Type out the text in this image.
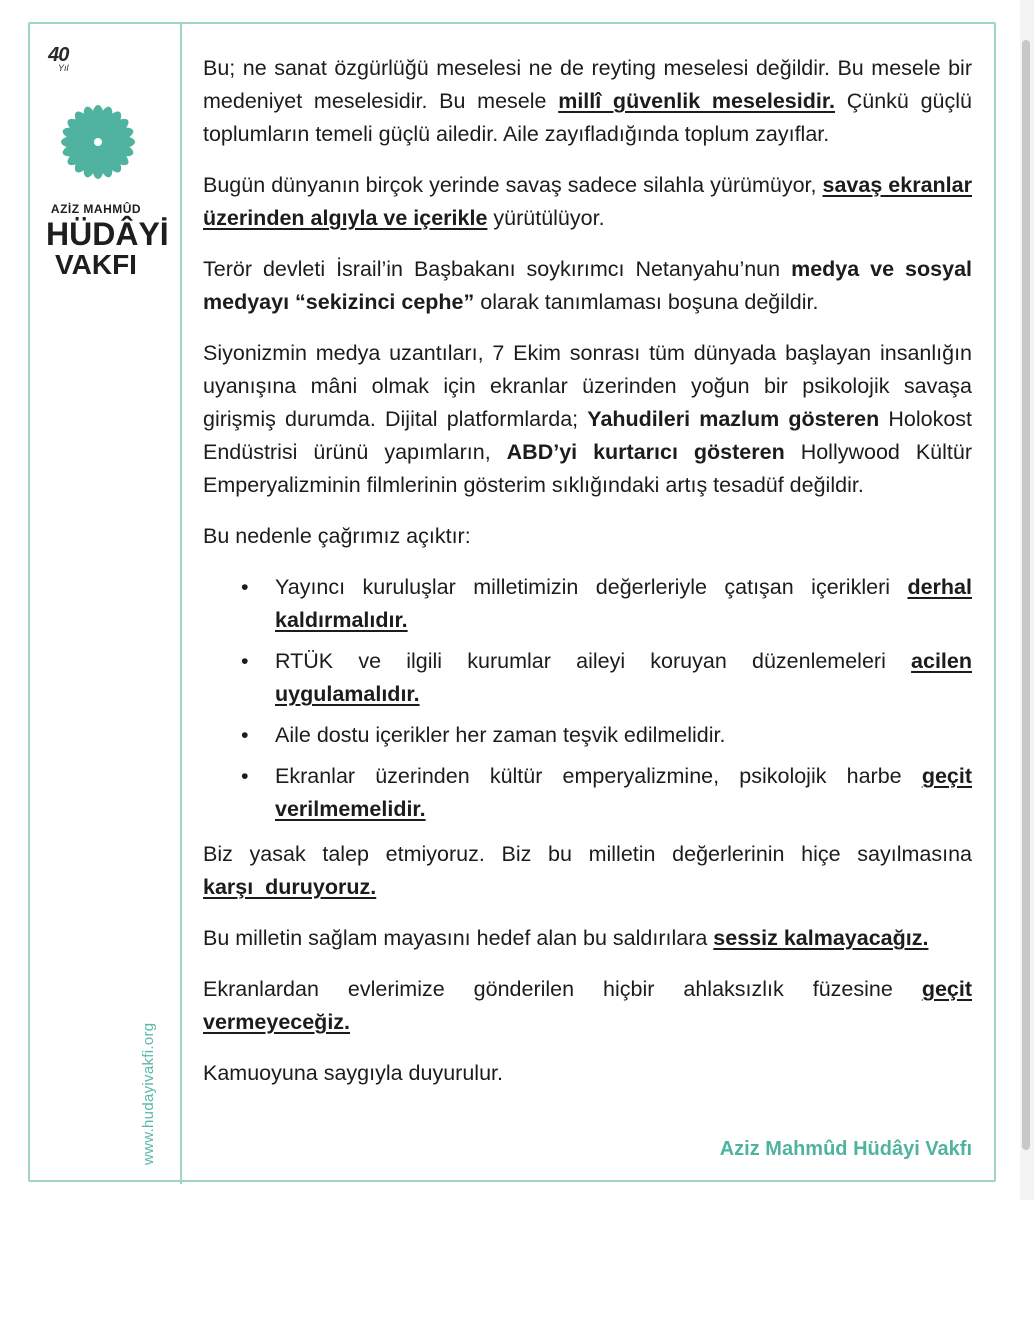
40
Yıl
AZİZ MAHMÛD
HÜDÂYİ
VAKFI
www.hudayivakfi.org

Bu; ne sanat özgürlüğü meselesi ne de reyting meselesi değildir. Bu mesele bir medeniyet meselesidir. Bu mesele millî güvenlik meselesidir. Çünkü güçlü toplumların temeli güçlü ailedir. Aile zayıfladığında toplum zayıflar.

Bugün dünyanın birçok yerinde savaş sadece silahla yürümüyor, savaş ekranlar üzerinden algıyla ve içerikle yürütülüyor.

Terör devleti İsrail’in Başbakanı soykırımcı Netanyahu’nun medya ve sosyal medyayı “sekizinci cephe” olarak tanımlaması boşuna değildir.

Siyonizmin medya uzantıları, 7 Ekim sonrası tüm dünyada başlayan insanlığın uyanışına mâni olmak için ekranlar üzerinden yoğun bir psikolojik savaşa girişmiş durumda. Dijital platformlarda; Yahudileri mazlum gösteren Holokost Endüstrisi ürünü yapımların, ABD’yi kurtarıcı gösteren Hollywood Kültür Emperyalizminin filmlerinin gösterim sıklığındaki artış tesadüf değildir.

Bu nedenle çağrımız açıktır:

• Yayıncı kuruluşlar milletimizin değerleriyle çatışan içerikleri derhal kaldırmalıdır.
• RTÜK ve ilgili kurumlar aileyi koruyan düzenlemeleri acilen uygulamalıdır.
• Aile dostu içerikler her zaman teşvik edilmelidir.
• Ekranlar üzerinden kültür emperyalizmine, psikolojik harbe geçit verilmemelidir.

Biz yasak talep etmiyoruz. Biz bu milletin değerlerinin hiçe sayılmasına karşı  duruyoruz.

Bu milletin sağlam mayasını hedef alan bu saldırılara sessiz kalmayacağız.

Ekranlardan evlerimize gönderilen hiçbir ahlaksızlık füzesine geçit vermeyeceğiz.

Kamuoyuna saygıyla duyurulur.

Aziz Mahmûd Hüdâyi Vakfı
